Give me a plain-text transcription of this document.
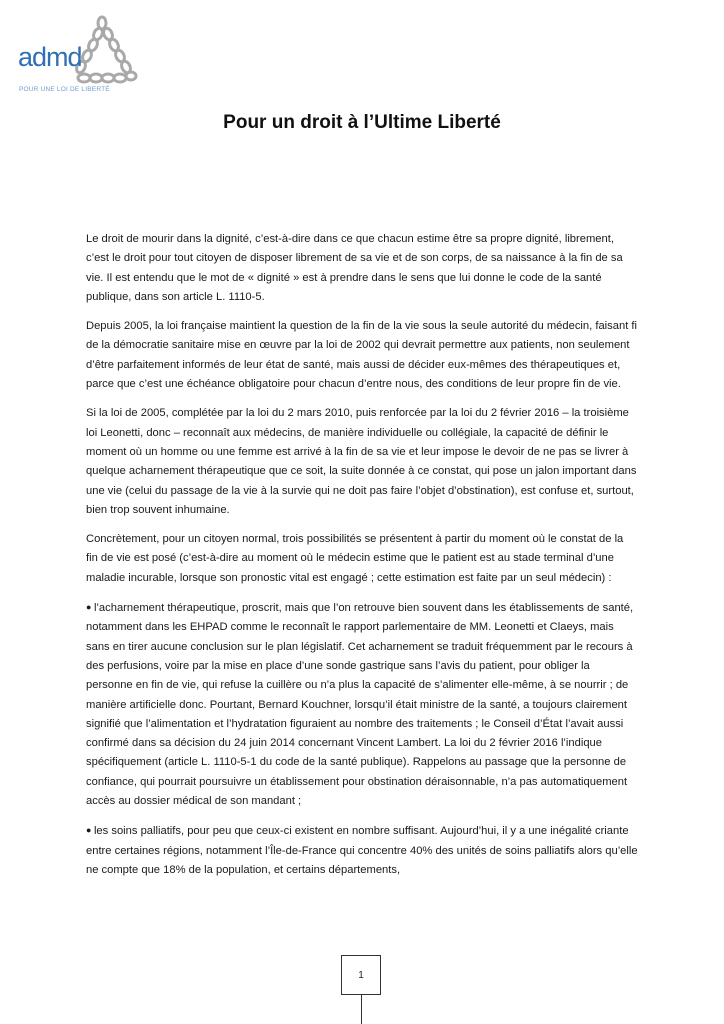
admd
POUR UNE LOI DE LIBERTÉ
Pour un droit à l’Ultime Liberté

Le droit de mourir dans la dignité, c’est-à-dire dans ce que chacun estime être sa propre dignité, librement, c’est le droit pour tout citoyen de disposer librement de sa vie et de son corps, de sa naissance à la fin de sa vie. Il est entendu que le mot de « dignité » est à prendre dans le sens que lui donne le code de la santé publique, dans son article L. 1110-5.

Depuis 2005, la loi française maintient la question de la fin de la vie sous la seule autorité du médecin, faisant fi de la démocratie sanitaire mise en œuvre par la loi de 2002 qui devrait permettre aux patients, non seulement d’être parfaitement informés de leur état de santé, mais aussi de décider eux-mêmes des thérapeutiques et, parce que c’est une échéance obligatoire pour chacun d’entre nous, des conditions de leur propre fin de vie.

Si la loi de 2005, complétée par la loi du 2 mars 2010, puis renforcée par la loi du 2 février 2016 – la troisième loi Leonetti, donc – reconnaît aux médecins, de manière individuelle ou collégiale, la capacité de définir le moment où un homme ou une femme est arrivé à la fin de sa vie et leur impose le devoir de ne pas se livrer à quelque acharnement thérapeutique que ce soit, la suite donnée à ce constat, qui pose un jalon important dans une vie (celui du passage de la vie à la survie qui ne doit pas faire l’objet d’obstination), est confuse et, surtout, bien trop souvent inhumaine.

Concrètement, pour un citoyen normal, trois possibilités se présentent à partir du moment où le constat de la fin de vie est posé (c’est-à-dire au moment où le médecin estime que le patient est au stade terminal d’une maladie incurable, lorsque son pronostic vital est engagé ; cette estimation est faite par un seul médecin) :

● l’acharnement thérapeutique, proscrit, mais que l’on retrouve bien souvent dans les établissements de santé, notamment dans les EHPAD comme le reconnaît le rapport parlementaire de MM. Leonetti et Claeys, mais sans en tirer aucune conclusion sur le plan législatif. Cet acharnement se traduit fréquemment par le recours à des perfusions, voire par la mise en place d’une sonde gastrique sans l’avis du patient, pour obliger la personne en fin de vie, qui refuse la cuillère ou n’a plus la capacité de s’alimenter elle-même, à se nourrir ; de manière artificielle donc. Pourtant, Bernard Kouchner, lorsqu’il était ministre de la santé, a toujours clairement signifié que l’alimentation et l’hydratation figuraient au nombre des traitements ; le Conseil d’État l’avait aussi confirmé dans sa décision du 24 juin 2014 concernant Vincent Lambert. La loi du 2 février 2016 l’indique spécifiquement (article L. 1110-5-1 du code de la santé publique). Rappelons au passage que la personne de confiance, qui pourrait poursuivre un établissement pour obstination déraisonnable, n’a pas automatiquement accès au dossier médical de son mandant ;

● les soins palliatifs, pour peu que ceux-ci existent en nombre suffisant. Aujourd’hui, il y a une inégalité criante entre certaines régions, notamment l’Île-de-France qui concentre 40% des unités de soins palliatifs alors qu’elle ne compte que 18% de la population, et certains départements,

1
